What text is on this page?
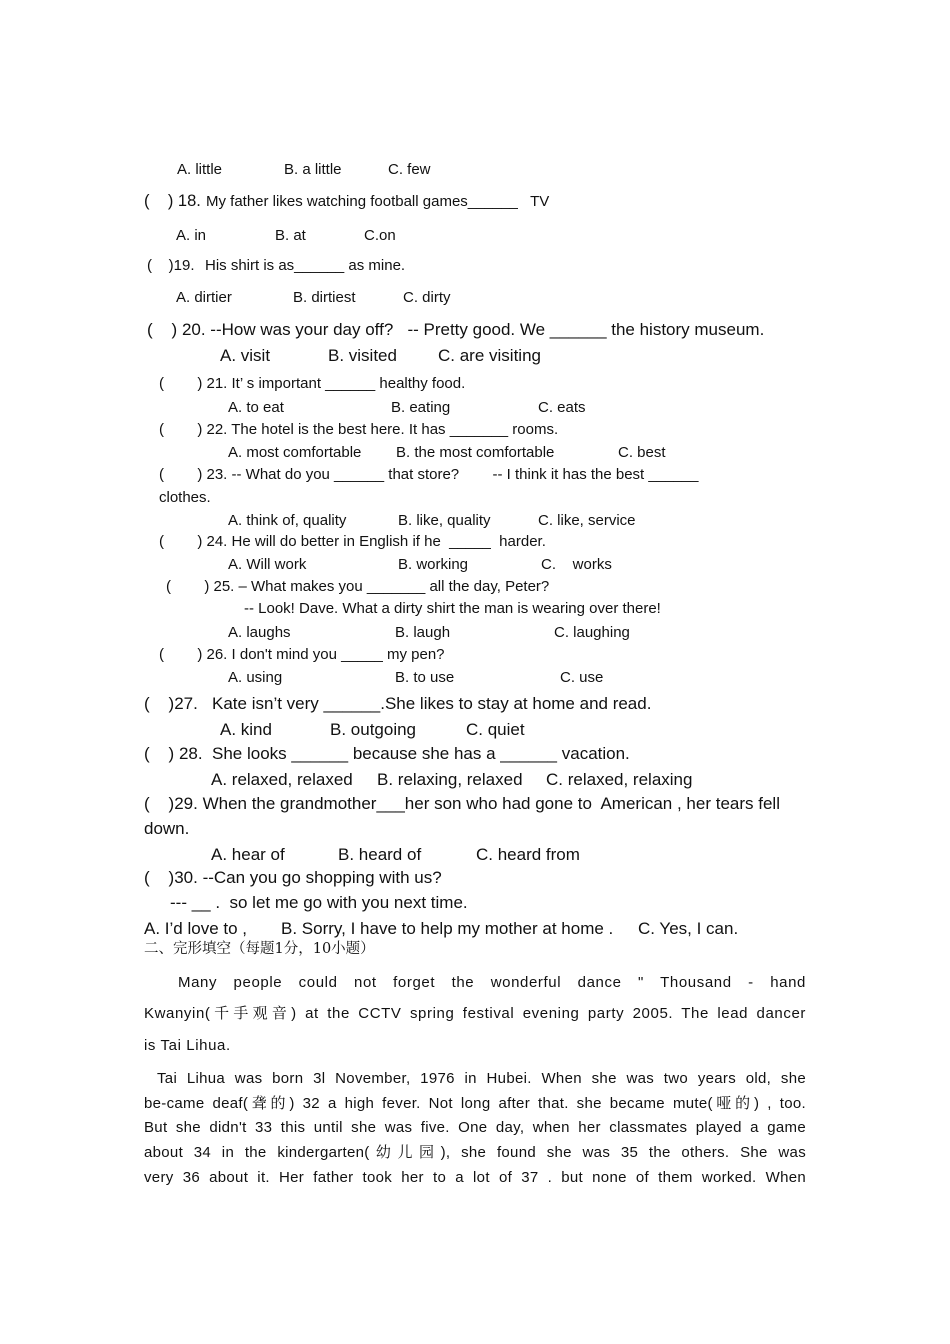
A. little	B. a little	C. few
(    ) 18. My father likes watching football games______   TV
A. in	B. at	C.on
(    )19. His shirt is as______ as mine.
A. dirtier	B. dirtiest	C. dirty
(    ) 20. --How was your day off?   -- Pretty good. We ______ the history museum.
A. visit	B. visited C. are visiting
(        ) 21. It’ s important ______ healthy food.
A. to eat	B. eating	C. eats
(        ) 22. The hotel is the best here. It has _______ rooms.
A. most comfortable B. the most comfortable	C. best
(        ) 23. -- What do you ______ that store?        -- I think it has the best ______
clothes.
A. think of, quality	B. like, quality	C. like, service
(        ) 24. He will do better in English if he  _____  harder.
A. Will work	B. working	C.    works
(        ) 25. – What makes you _______ all the day, Peter?
-- Look! Dave. What a dirty shirt the man is wearing over there!
A. laughs	B. laugh	C. laughing
(        ) 26. I don't mind you _____ my pen?
A. using	B. to use	C. use
(    )27.   Kate isn’t very ______.She likes to stay at home and read.
A. kind	B. outgoing	C. quiet
(    ) 28.  She looks ______ because she has a ______ vacation.
A. relaxed, relaxed B. relaxing, relaxed C. relaxed, relaxing
(    )29. When the grandmother___her son who had gone to  American , her tears fell
down.
A. hear of	B. heard of	C. heard from
(    )30. --Can you go shopping with us?
--- __ .  so let me go with you next time.
A. I’d love to , B. Sorry, I have to help my mother at home . C. Yes, I can.
二、完形填空（每题1分，10小题）
Many people could not forget the wonderful dance " Thousand - hand
Kwanyin(千手观音) at the CCTV spring festival evening party 2005. The lead dancer
is Tai Lihua.
Tai Lihua was born 3l November, 1976 in Hubei. When she was two years old, she
be-came deaf(聋的) 32 a high fever. Not long after that. she became mute(哑的) , too.
But she didn't 33 this until she was five. One day, when her classmates played a game
about 34 in the kindergarten(幼儿园), she found she was 35 the others. She was
very 36 about it. Her father took her to a lot of 37 . but none of them worked. When
